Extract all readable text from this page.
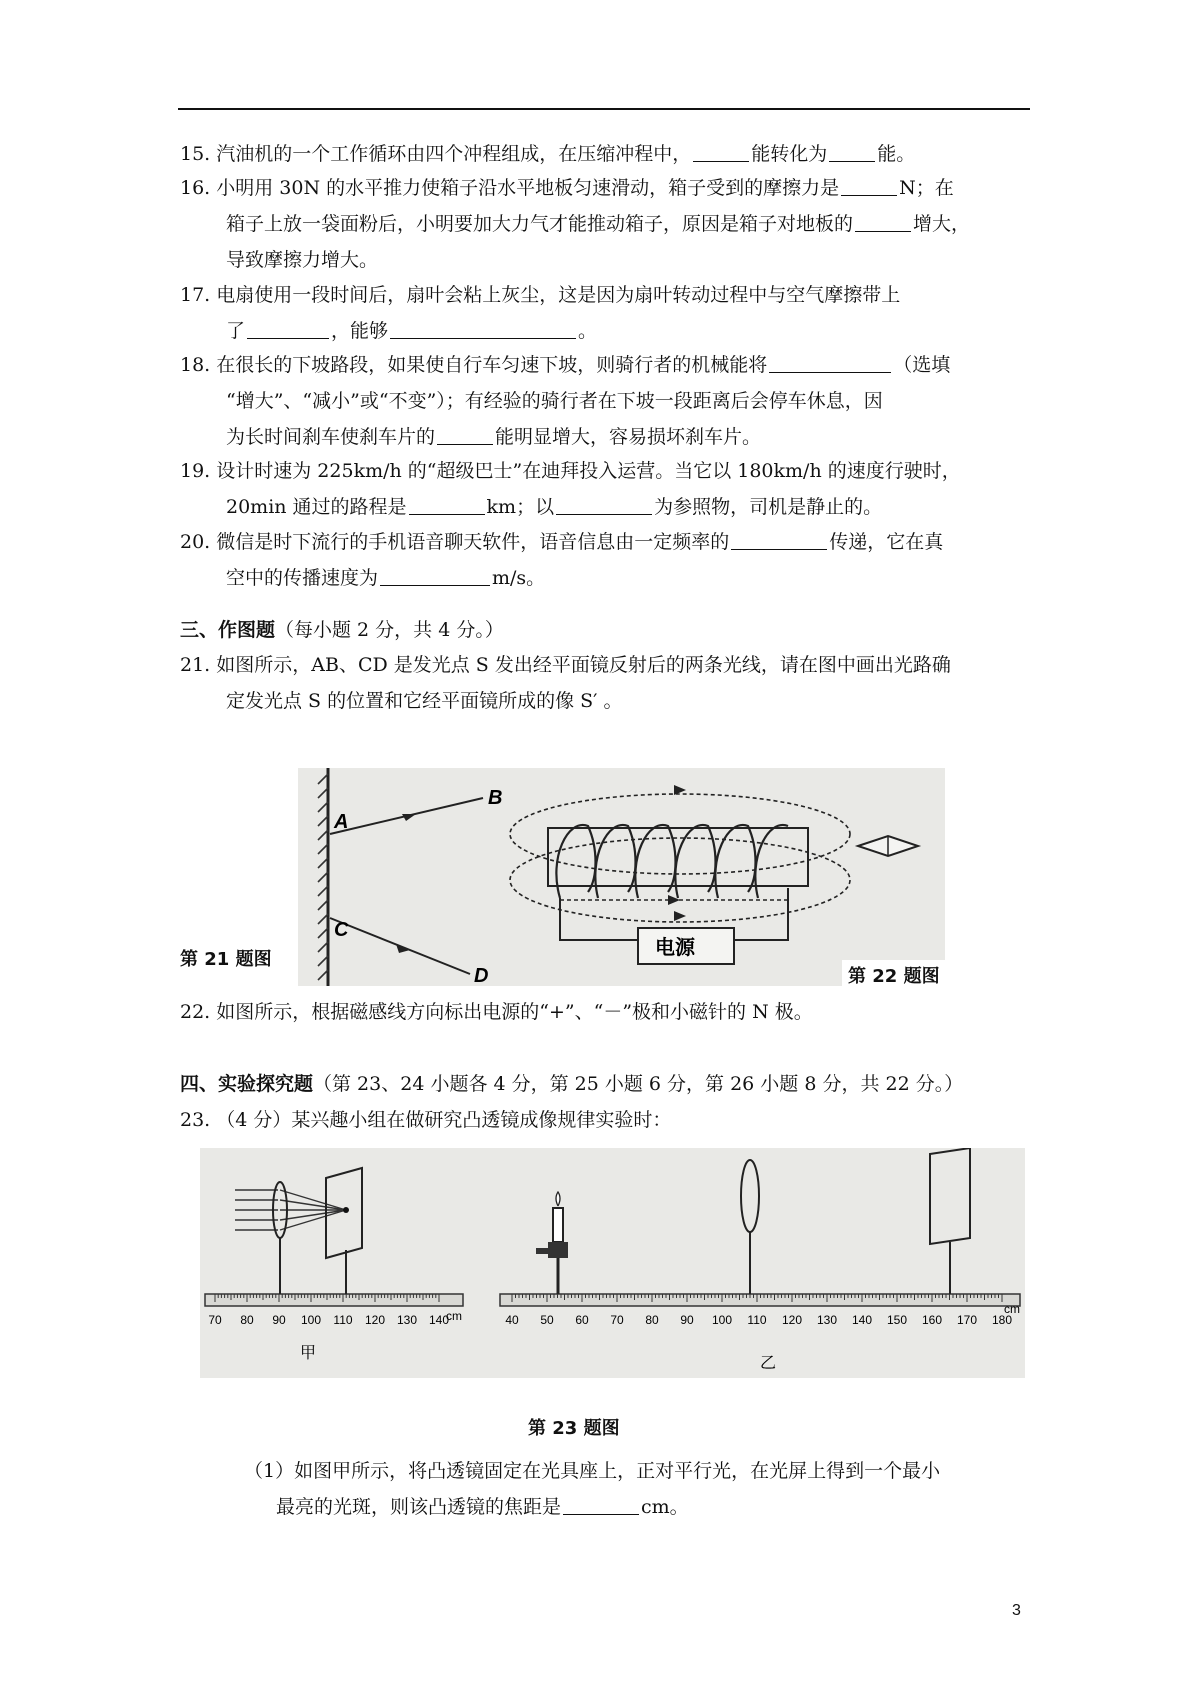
15. 汽油机的一个工作循环由四个冲程组成，在压缩冲程中，	能转化为	能。
16. 小明用 30N 的水平推力使箱子沿水平地板匀速滑动，箱子受到的摩擦力是	N；在
箱子上放一袋面粉后，小明要加大力气才能推动箱子，原因是箱子对地板的	增大，
导致摩擦力增大。
17. 电扇使用一段时间后，扇叶会粘上灰尘，这是因为扇叶转动过程中与空气摩擦带上
了	，能够	。
18. 在很长的下坡路段，如果使自行车匀速下坡，则骑行者的机械能将	（选填
“增大”、“减小”或“不变”）；有经验的骑行者在下坡一段距离后会停车休息，因
为长时间刹车使刹车片的	能明显增大，容易损坏刹车片。
19. 设计时速为 225km/h 的“超级巴士”在迪拜投入运营。当它以 180km/h 的速度行驶时，
20min 通过的路程是	km；以	为参照物，司机是静止的。
20. 微信是时下流行的手机语音聊天软件，语音信息由一定频率的	传递，它在真
空中的传播速度为	m/s。
三、作图题（每小题 2 分，共 4 分。）
21. 如图所示，AB、CD 是发光点 S 发出经平面镜反射后的两条光线，请在图中画出光路确
定发光点 S 的位置和它经平面镜所成的像 S′ 。
A
B
C
D
电源
第 21 题图
第 22 题图
22. 如图所示，根据磁感线方向标出电源的“+”、“－”极和小磁针的 N 极。
四、实验探究题（第 23、24 小题各 4 分，第 25 小题 6 分，第 26 小题 8 分，共 22 分。）
23. （4 分）某兴趣小组在做研究凸透镜成像规律实验时：
70 80 90 100 110 120 130 140
cm
甲
40 50 60 70 80 90 100 110 120 130 140 150 160 170 180
cm
乙
第 23 题图
（1）如图甲所示，将凸透镜固定在光具座上，正对平行光，在光屏上得到一个最小
最亮的光斑，则该凸透镜的焦距是	cm。
3
